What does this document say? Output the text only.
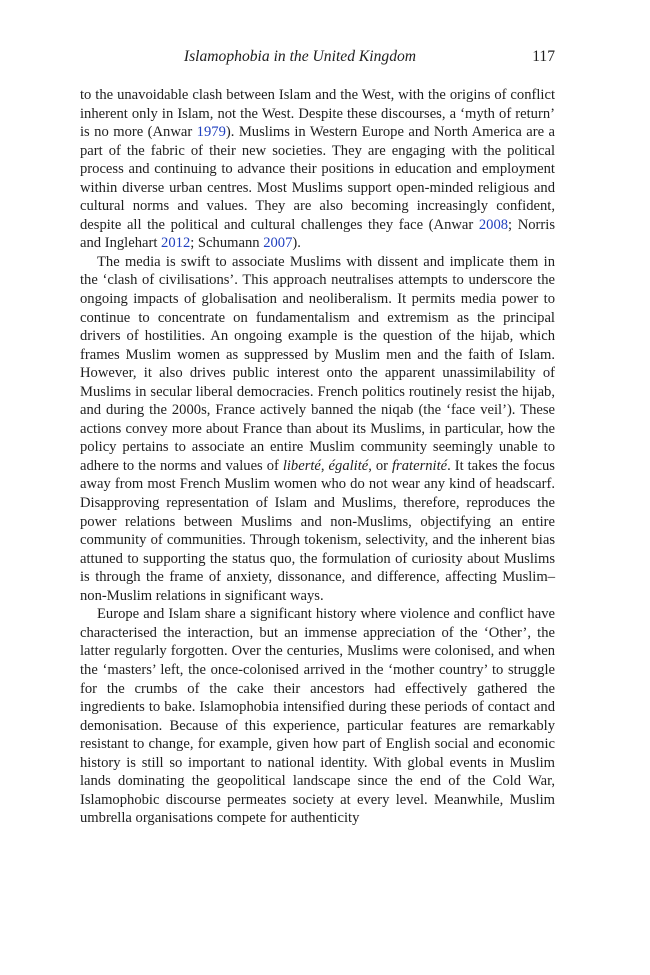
Islamophobia in the United Kingdom	117

to the unavoidable clash between Islam and the West, with the origins of conflict inherent only in Islam, not the West. Despite these discourses, a ‘myth of return’ is no more (Anwar 1979). Muslims in Western Europe and North America are a part of the fabric of their new societies. They are engaging with the political process and continuing to advance their positions in education and employment within diverse urban centres. Most Muslims support open-minded religious and cultural norms and values. They are also becoming increasingly confident, despite all the political and cultural challenges they face (Anwar 2008; Norris and Inglehart 2012; Schumann 2007).

The media is swift to associate Muslims with dissent and implicate them in the ‘clash of civilisations’. This approach neutralises attempts to underscore the ongoing impacts of globalisation and neoliberalism. It permits media power to continue to concentrate on fundamentalism and extremism as the principal drivers of hostilities. An ongoing example is the question of the hijab, which frames Muslim women as suppressed by Muslim men and the faith of Islam. However, it also drives public interest onto the apparent unassimilability of Muslims in secular liberal democracies. French politics routinely resist the hijab, and during the 2000s, France actively banned the niqab (the ‘face veil’). These actions convey more about France than about its Muslims, in particular, how the policy pertains to associate an entire Muslim community seemingly unable to adhere to the norms and values of liberté, égalité, or fraternité. It takes the focus away from most French Muslim women who do not wear any kind of headscarf. Disapproving representation of Islam and Muslims, therefore, reproduces the power relations between Muslims and non-Muslims, objectifying an entire community of communities. Through tokenism, selectivity, and the inherent bias attuned to supporting the status quo, the formulation of curiosity about Muslims is through the frame of anxiety, dissonance, and difference, affecting Muslim–non-Muslim relations in significant ways.

Europe and Islam share a significant history where violence and conflict have characterised the interaction, but an immense appreciation of the ‘Other’, the latter regularly forgotten. Over the centuries, Muslims were colonised, and when the ‘masters’ left, the once-colonised arrived in the ‘mother country’ to struggle for the crumbs of the cake their ancestors had effectively gathered the ingredients to bake. Islamophobia intensified during these periods of contact and demonisation. Because of this experience, particular features are remarkably resistant to change, for example, given how part of English social and economic history is still so important to national identity. With global events in Muslim lands dominating the geopolitical landscape since the end of the Cold War, Islamophobic discourse permeates society at every level. Meanwhile, Muslim umbrella organisations compete for authenticity
